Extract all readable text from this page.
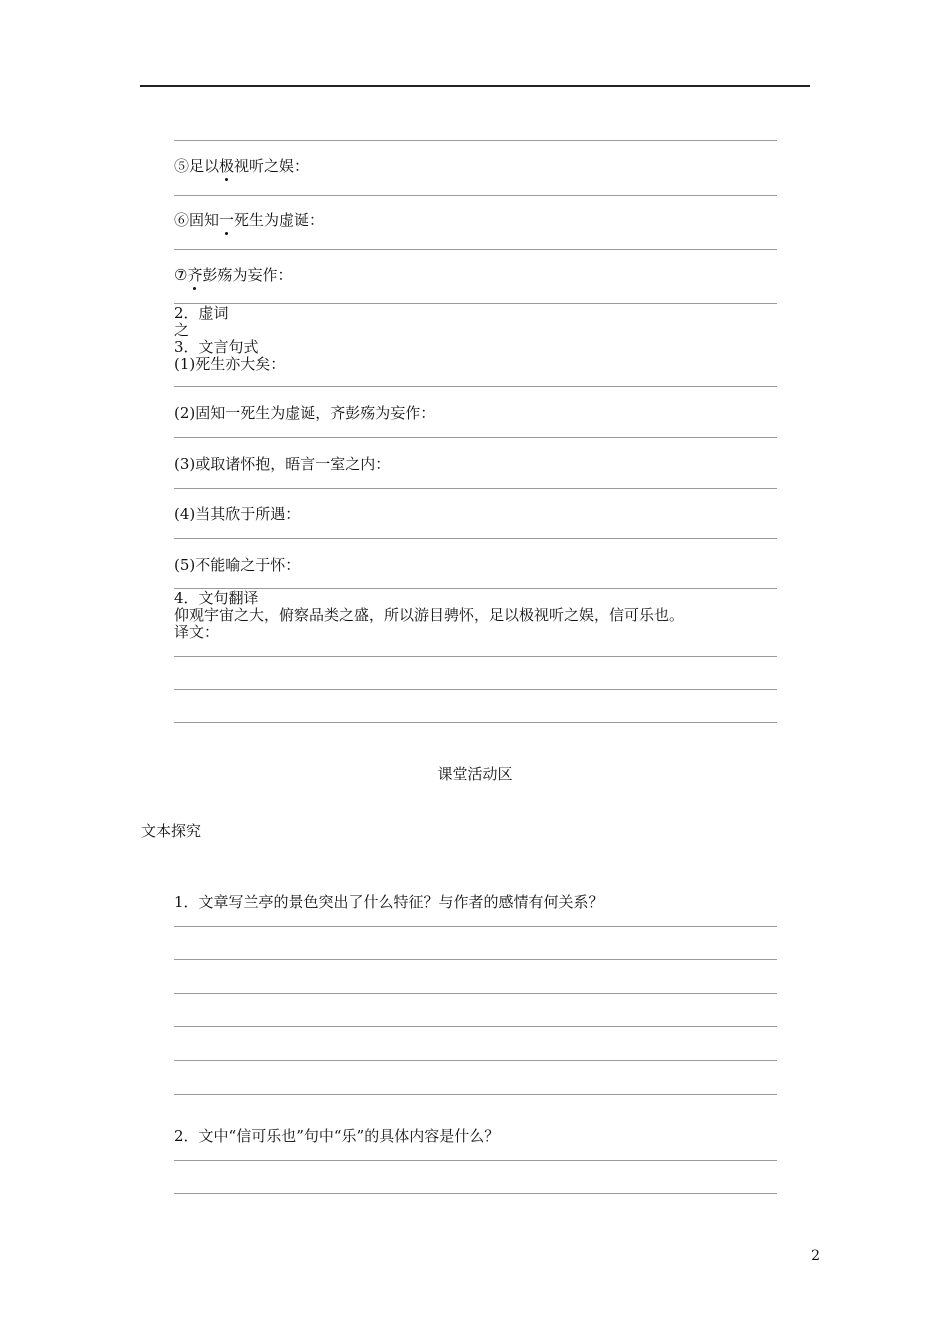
⑤足以极视听之娱：
⑥固知一死生为虚诞：
⑦齐彭殇为妄作：
2．虚词
之
3．文言句式
(1)死生亦大矣：
(2)固知一死生为虚诞，齐彭殇为妄作：
(3)或取诸怀抱，晤言一室之内：
(4)当其欣于所遇：
(5)不能喻之于怀：
4．文句翻译
仰观宇宙之大，俯察品类之盛，所以游目骋怀，足以极视听之娱，信可乐也。
译文：
课堂活动区
文本探究
1．文章写兰亭的景色突出了什么特征？与作者的感情有何关系？
2．文中“信可乐也”句中“乐”的具体内容是什么？
2
